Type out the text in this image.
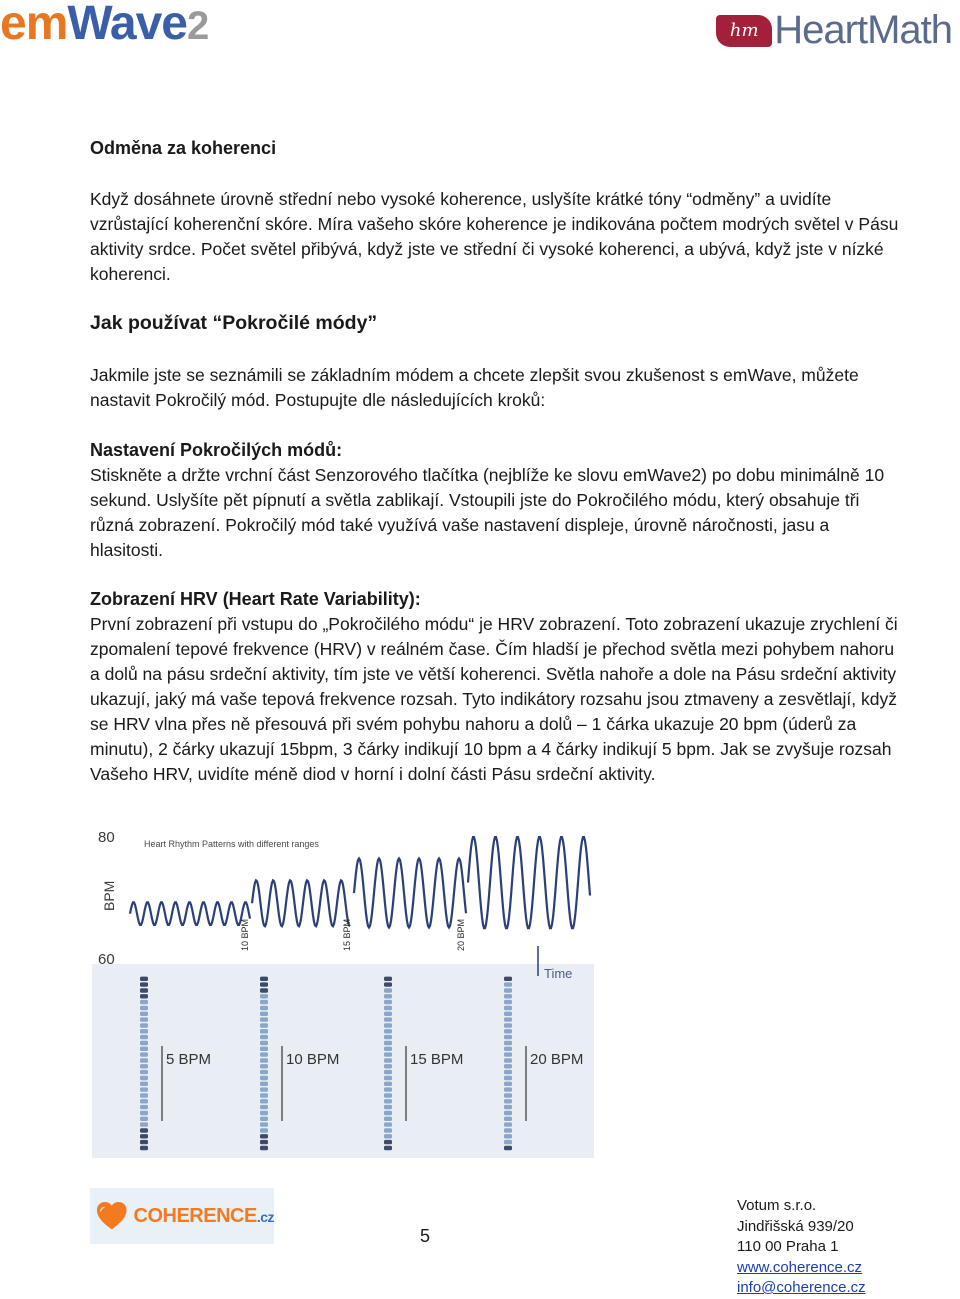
emWave2	hm HeartMath
Odměna za koherenci

Když dosáhnete úrovně střední nebo vysoké koherence, uslyšíte krátké tóny “odměny” a uvidíte vzrůstající koherenční skóre. Míra vašeho skóre koherence je indikována počtem modrých světel v Pásu aktivity srdce. Počet světel přibývá, když jste ve střední či vysoké koherenci, a ubývá, když jste v nízké koherenci.

Jak používat “Pokročilé módy”

Jakmile jste se seznámili se základním módem a chcete zlepšit svou zkušenost s emWave, můžete nastavit Pokročilý mód. Postupujte dle následujících kroků:

Nastavení Pokročilých módů:

Stiskněte a držte vrchní část Senzorového tlačítka (nejblíže ke slovu emWave2) po dobu minimálně 10 sekund. Uslyšíte pět pípnutí a světla zablikají. Vstoupili jste do Pokročilého módu, který obsahuje tři různá zobrazení. Pokročilý mód také využívá vaše nastavení displeje, úrovně náročnosti, jasu a hlasitosti.

Zobrazení HRV (Heart Rate Variability):

První zobrazení při vstupu do „Pokročilého módu“ je HRV zobrazení. Toto zobrazení ukazuje zrychlení či zpomalení tepové frekvence (HRV) v reálném čase. Čím hladší je přechod světla mezi pohybem nahoru a dolů na pásu srdeční aktivity, tím jste ve větší koherenci. Světla nahoře a dole na Pásu srdeční aktivity ukazují, jaký má vaše tepová frekvence rozsah. Tyto indikátory rozsahu jsou ztmaveny a zesvětlají, když se HRV vlna přes ně přesouvá při svém pohybu nahoru a dolů – 1 čárka ukazuje 20 bpm (úderů za minutu), 2 čárky ukazují 15bpm, 3 čárky indikují 10 bpm a 4 čárky indikují 5 bpm. Jak se zvyšuje rozsah Vašeho HRV, uvidíte méně diod v horní i dolní části Pásu srdeční aktivity.

80
60
BPM
Heart Rhythm Patterns with different ranges
10 BPM	15 BPM	20 BPM
Time
5 BPM	10 BPM	15 BPM	20 BPM
COHERENCE.cz
5
Votum s.r.o.
Jindřišská 939/20
110 00 Praha 1
www.coherence.cz
info@coherence.cz
